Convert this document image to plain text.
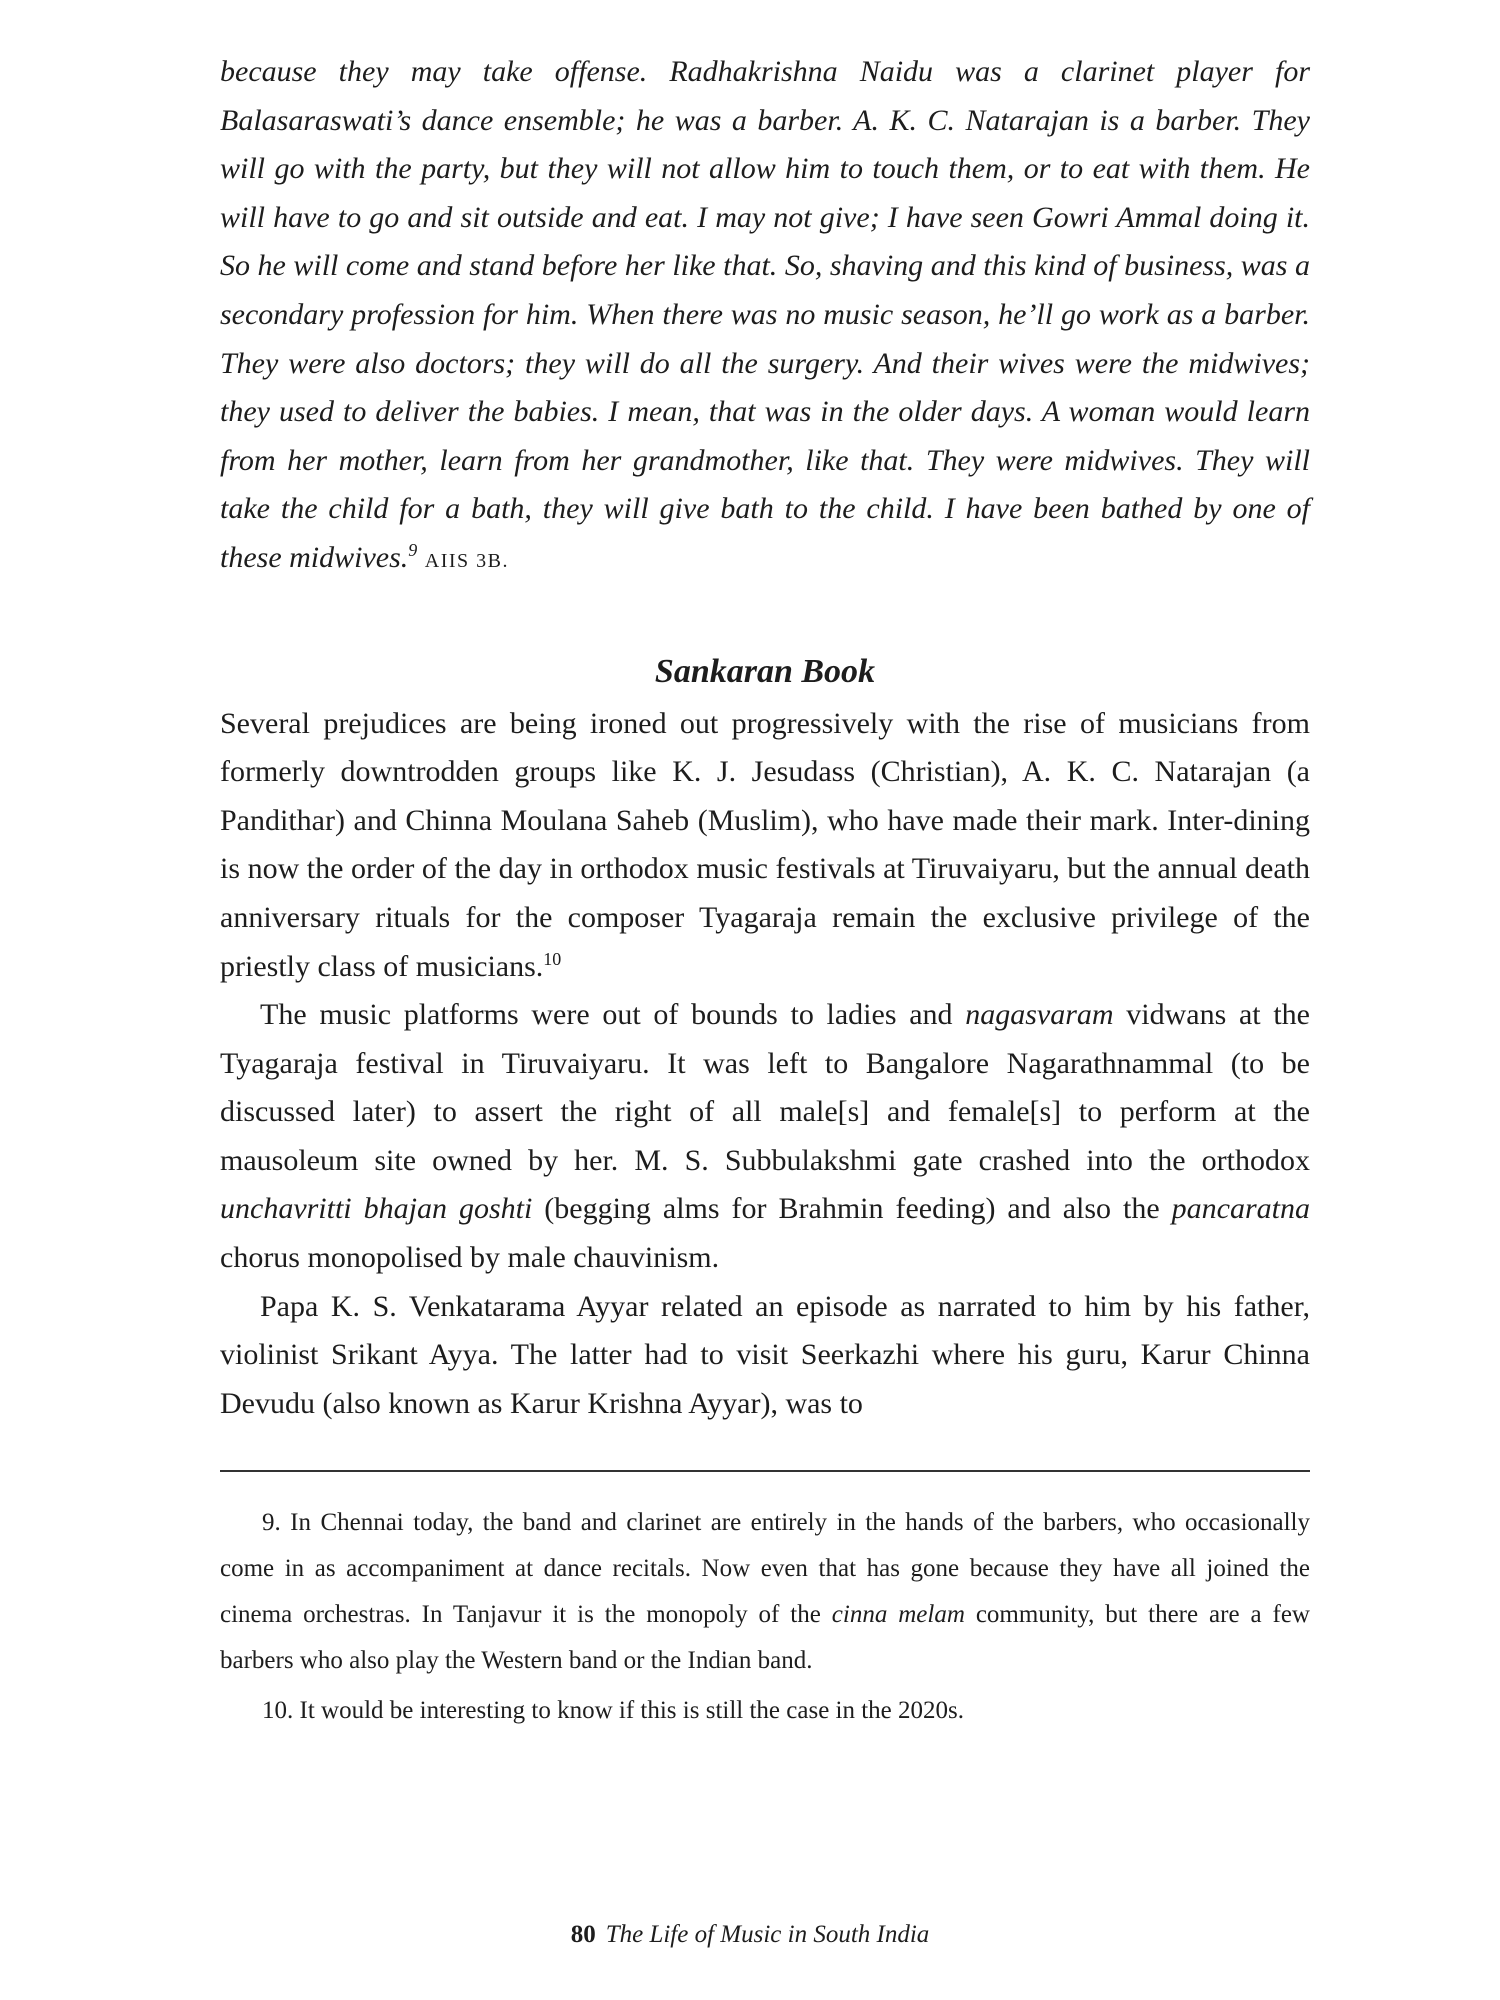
because they may take offense. Radhakrishna Naidu was a clarinet player for Balasaraswati’s dance ensemble; he was a barber. A. K. C. Natarajan is a barber. They will go with the party, but they will not allow him to touch them, or to eat with them. He will have to go and sit outside and eat. I may not give; I have seen Gowri Ammal doing it. So he will come and stand before her like that. So, shaving and this kind of business, was a secondary profession for him. When there was no music season, he’ll go work as a barber. They were also doctors; they will do all the surgery. And their wives were the midwives; they used to deliver the babies. I mean, that was in the older days. A woman would learn from her mother, learn from her grandmother, like that. They were midwives. They will take the child for a bath, they will give bath to the child. I have been bathed by one of these midwives.$^9$ AIIS 3B.

Sankaran Book

Several prejudices are being ironed out progressively with the rise of musicians from formerly downtrodden groups like K. J. Jesudass (Christian), A. K. C. Natarajan (a Pandithar) and Chinna Moulana Saheb (Muslim), who have made their mark. Inter-dining is now the order of the day in orthodox music festivals at Tiruvaiyaru, but the annual death anniversary rituals for the composer Tyagaraja remain the exclusive privilege of the priestly class of musicians.$^{10}$

The music platforms were out of bounds to ladies and nagasvaram vidwans at the Tyagaraja festival in Tiruvaiyaru. It was left to Bangalore Nagarathnammal (to be discussed later) to assert the right of all male[s] and female[s] to perform at the mausoleum site owned by her. M. S. Subbulakshmi gate crashed into the orthodox unchavritti bhajan goshti (begging alms for Brahmin feeding) and also the pancaratna chorus monopolised by male chauvinism.

Papa K. S. Venkatarama Ayyar related an episode as narrated to him by his father, violinist Srikant Ayya. The latter had to visit Seerkazhi where his guru, Karur Chinna Devudu (also known as Karur Krishna Ayyar), was to

9. In Chennai today, the band and clarinet are entirely in the hands of the barbers, who occasionally come in as accompaniment at dance recitals. Now even that has gone because they have all joined the cinema orchestras. In Tanjavur it is the monopoly of the cinna melam community, but there are a few barbers who also play the Western band or the Indian band.

10. It would be interesting to know if this is still the case in the 2020s.

80 The Life of Music in South India
